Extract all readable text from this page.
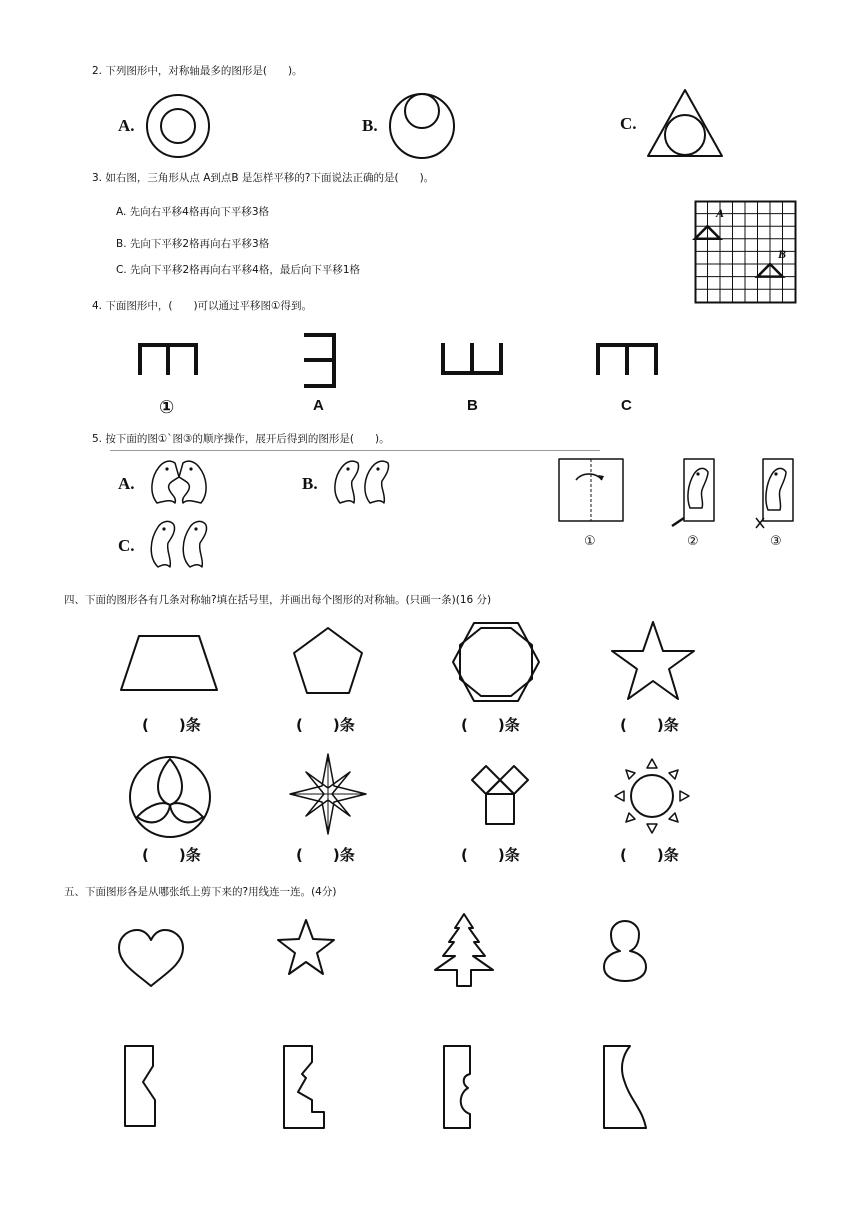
2. 下列图形中，对称轴最多的图形是(　　)。
A.	B.	C.
3. 如右图，三角形从点 A到点B 是怎样平移的?下面说法正确的是(　　)。
A. 先向右平移4格再向下平移3格
B. 先向下平移2格再向右平移3格
C. 先向下平移2格再向右平移4格，最后向下平移1格
A
B
4. 下面图形中，(　　)可以通过平移图①得到。
①	A	B	C
5. 按下面的图①`图③的顺序操作，展开后得到的图形是(　　)。
A.	B.
C.	①	②	③
四、下面的图形各有几条对称轴?填在括号里，并画出每个图形的对称轴。(只画一条)(16 分)
(　　)条	(　　)条	(　　)条	(　　)条
(　　)条	(　　)条	(　　)条	(　　)条
五、下面图形各是从哪张纸上剪下来的?用线连一连。(4分)
